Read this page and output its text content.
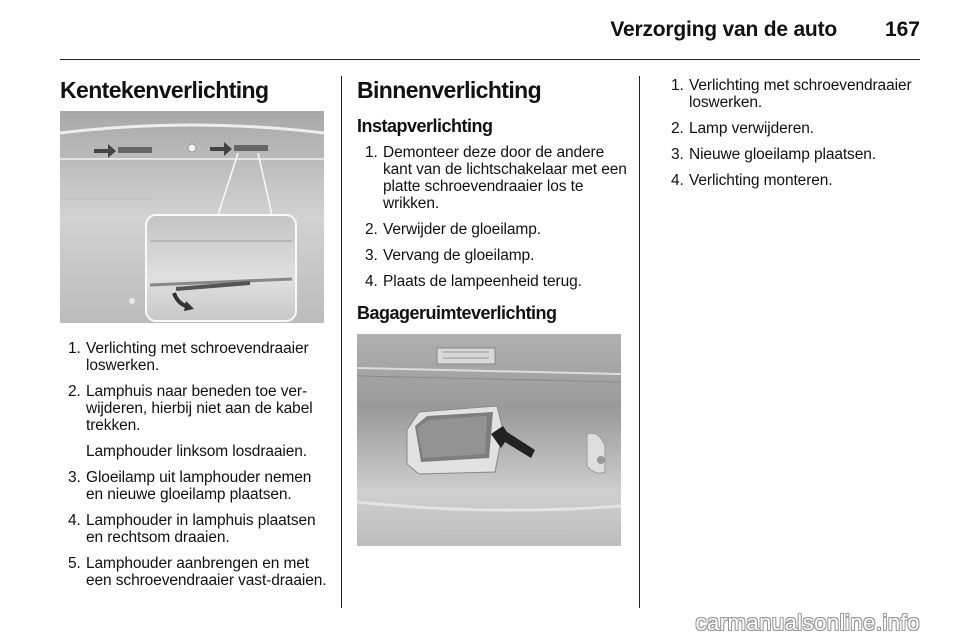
Verzorging van de auto 167
Kentekenverlichting
1. Verlichting met schroevendraaier loswerken.
2. Lamphuis naar beneden toe ver-wijderen, hierbij niet aan de kabel trekken.
Lamphouder linksom losdraaien.
3. Gloeilamp uit lamphouder nemen en nieuwe gloeilamp plaatsen.
4. Lamphouder in lamphuis plaatsen en rechtsom draaien.
5. Lamphouder aanbrengen en met een schroevendraaier vast-draaien.
Binnenverlichting
Instapverlichting
1. Demonteer deze door de andere kant van de lichtschakelaar met een platte schroevendraaier los te wrikken.
2. Verwijder de gloeilamp.
3. Vervang de gloeilamp.
4. Plaats de lampeenheid terug.
Bagageruimteverlichting
1. Verlichting met schroevendraaier loswerken.
2. Lamp verwijderen.
3. Nieuwe gloeilamp plaatsen.
4. Verlichting monteren.
carmanualsonline.info
